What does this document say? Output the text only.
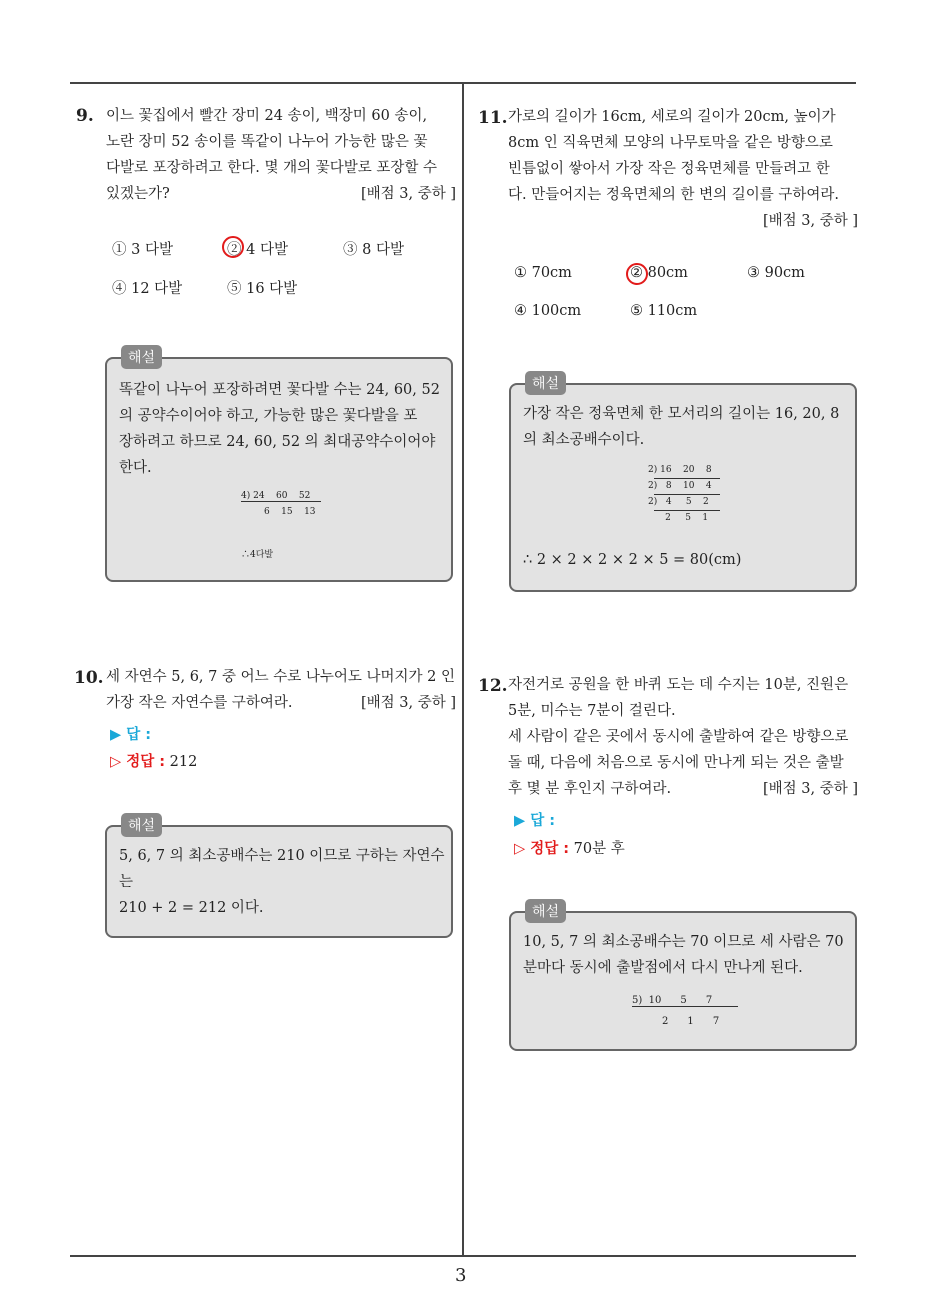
9. 이느 꽃집에서 빨간 장미 24 송이, 백장미 60 송이,
노란 장미 52 송이를 똑같이 나누어 가능한 많은 꽃
다발로 포장하려고 한다. 몇 개의 꽃다발로 포장할 수
있겠는가?	[배점 3, 중하 ]
① 3 다발	② 4 다발	③ 8 다발
④ 12 다발	⑤ 16 다발
똑같이 나누어 포장하려면 꽃다발 수는 24, 60, 52
의 공약수이어야 하고, 가능한 많은 꽃다발을 포
장하려고 하므로 24, 60, 52 의 최대공약수이어야
한다.
4) 24    60    52
6    15    13
∴4다발
해설
10. 세 자연수 5, 6, 7 중 어느 수로 나누어도 나머지가 2 인
가장 작은 자연수를 구하여라.	[배점 3, 중하 ]
▶ 답 :
▷ 정답 : 212
5, 6, 7 의 최소공배수는 210 이므로 구하는 자연수
는
210 + 2 = 212 이다.
해설
11. 가로의 길이가 16cm, 세로의 길이가 20cm, 높이가
8cm 인 직육면체 모양의 나무토막을 같은 방향으로
빈틈없이 쌓아서 가장 작은 정육면체를 만들려고 한
다. 만들어지는 정육면체의 한 변의 길이를 구하여라.
[배점 3, 중하 ]
① 70cm	② 80cm	③ 90cm
④ 100cm	⑤ 110cm
가장 작은 정육면체 한 모서리의 길이는 16, 20, 8
의 최소공배수이다.
2) 16    20    8
2)   8    10    4
2)   4     5    2
2     5    1
∴ 2 × 2 × 2 × 2 × 5 = 80(cm)
해설
12. 자전거로 공원을 한 바퀴 도는 데 수지는 10분, 진원은
5분, 미수는 7분이 걸린다.
세 사람이 같은 곳에서 동시에 출발하여 같은 방향으로
돌 때, 다음에 처음으로 동시에 만나게 되는 것은 출발
후 몇 분 후인지 구하여라.	[배점 3, 중하 ]
▶ 답 :
▷ 정답 : 70분 후
10, 5, 7 의 최소공배수는 70 이므로 세 사람은 70
분마다 동시에 출발점에서 다시 만나게 된다.
5)  10      5      7
2      1      7
해설
3
